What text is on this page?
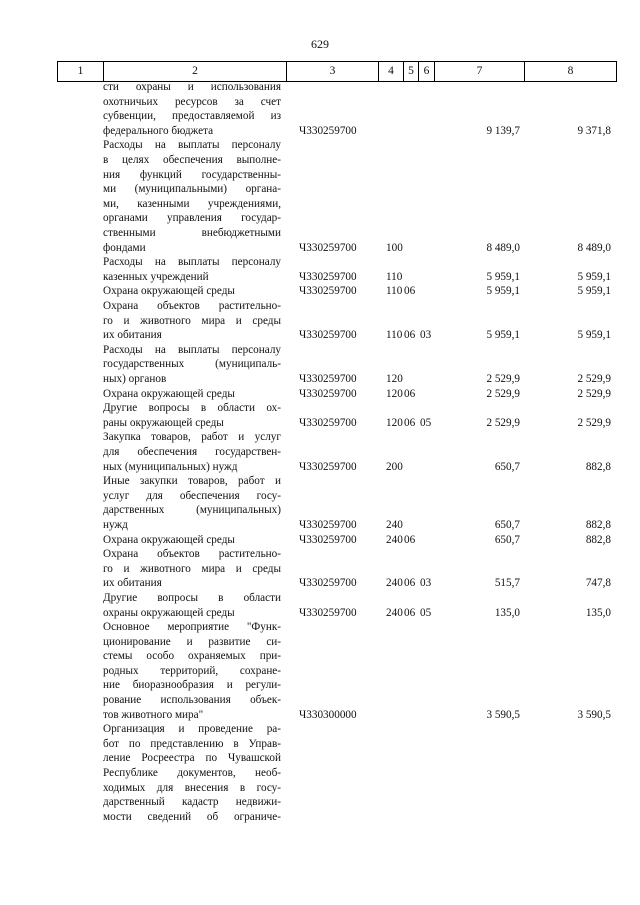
629
1	2	3	4	5 6	7	8
сти охраны и использования
охотничьих ресурсов за счет
субвенции, предоставляемой из
федерального бюджета	Ч330259700	9 139,7	9 371,8
Расходы на выплаты персоналу
в целях обеспечения выполне-
ния функций государственны-
ми (муниципальными) органа-
ми, казенными учреждениями,
органами управления государ-
ственными внебюджетными
фондами	Ч330259700	100	8 489,0	8 489,0
Расходы на выплаты персоналу
казенных учреждений	Ч330259700	110	5 959,1	5 959,1
Охрана окружающей среды	Ч330259700	110 06	5 959,1	5 959,1
Охрана объектов растительно-
го и животного мира и среды
их обитания	Ч330259700	110 06 03	5 959,1	5 959,1
Расходы на выплаты персоналу
государственных (муниципаль-
ных) органов	Ч330259700	120	2 529,9	2 529,9
Охрана окружающей среды	Ч330259700	120 06	2 529,9	2 529,9
Другие вопросы в области ох-
раны окружающей среды	Ч330259700	120 06 05	2 529,9	2 529,9
Закупка товаров, работ и услуг
для обеспечения государствен-
ных (муниципальных) нужд	Ч330259700	200	650,7	882,8
Иные закупки товаров, работ и
услуг для обеспечения госу-
дарственных (муниципальных)
нужд	Ч330259700	240	650,7	882,8
Охрана окружающей среды	Ч330259700	240 06	650,7	882,8
Охрана объектов растительно-
го и животного мира и среды
их обитания	Ч330259700	240 06 03	515,7	747,8
Другие вопросы в области
охраны окружающей среды	Ч330259700	240 06 05	135,0	135,0
Основное мероприятие "Функ-
ционирование и развитие си-
стемы особо охраняемых при-
родных территорий, сохране-
ние биоразнообразия и регули-
рование использования объек-
тов животного мира"	Ч330300000	3 590,5	3 590,5
Организация и проведение ра-
бот по представлению в Управ-
ление Росреестра по Чувашской
Республике документов, необ-
ходимых для внесения в госу-
дарственный кадастр недвижи-
мости сведений об ограниче-
